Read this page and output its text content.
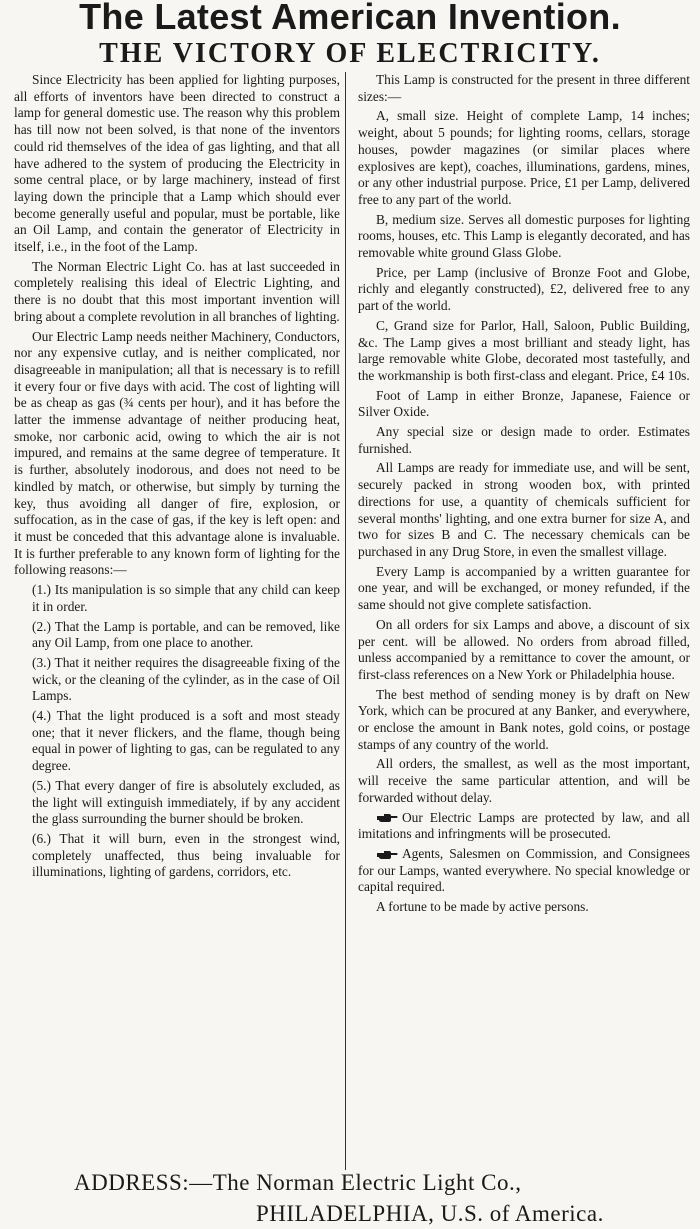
The Latest American Invention.
THE VICTORY OF ELECTRICITY.

Since Electricity has been applied for lighting purposes, all efforts of inventors have been directed to construct a lamp for general domestic use. The reason why this problem has till now not been solved, is that none of the inventors could rid themselves of the idea of gas lighting, and that all have adhered to the system of producing the Electricity in some central place, or by large machinery, instead of first laying down the principle that a Lamp which should ever become generally useful and popular, must be portable, like an Oil Lamp, and contain the generator of Electricity in itself, i.e., in the foot of the Lamp.

The Norman Electric Light Co. has at last succeeded in completely realising this ideal of Electric Lighting, and there is no doubt that this most important invention will bring about a complete revolution in all branches of lighting.

Our Electric Lamp needs neither Machinery, Conductors, nor any expensive cutlay, and is neither complicated, nor disagreeable in manipulation; all that is necessary is to refill it every four or five days with acid. The cost of lighting will be as cheap as gas (¾ cents per hour), and it has before the latter the immense advantage of neither producing heat, smoke, nor carbonic acid, owing to which the air is not impured, and remains at the same degree of temperature. It is further, absolutely inodorous, and does not need to be kindled by match, or otherwise, but simply by turning the key, thus avoiding all danger of fire, explosion, or suffocation, as in the case of gas, if the key is left open: and it must be conceded that this advantage alone is invaluable. It is further preferable to any known form of lighting for the following reasons:—

(1.) Its manipulation is so simple that any child can keep it in order.

(2.) That the Lamp is portable, and can be removed, like any Oil Lamp, from one place to another.

(3.) That it neither requires the disagreeable fixing of the wick, or the cleaning of the cylinder, as in the case of Oil Lamps.

(4.) That the light produced is a soft and most steady one; that it never flickers, and the flame, though being equal in power of lighting to gas, can be regulated to any degree.

(5.) That every danger of fire is absolutely excluded, as the light will extinguish immediately, if by any accident the glass surrounding the burner should be broken.

(6.) That it will burn, even in the strongest wind, completely unaffected, thus being invaluable for illuminations, lighting of gardens, corridors, etc.

This Lamp is constructed for the present in three different sizes:—

A, small size. Height of complete Lamp, 14 inches; weight, about 5 pounds; for lighting rooms, cellars, storage houses, powder magazines (or similar places where explosives are kept), coaches, illuminations, gardens, mines, or any other industrial purpose. Price, £1 per Lamp, delivered free to any part of the world.

B, medium size. Serves all domestic purposes for lighting rooms, houses, etc. This Lamp is elegantly decorated, and has removable white ground Glass Globe.

Price, per Lamp (inclusive of Bronze Foot and Globe, richly and elegantly constructed), £2, delivered free to any part of the world.

C, Grand size for Parlor, Hall, Saloon, Public Building, &c. The Lamp gives a most brilliant and steady light, has large removable white Globe, decorated most tastefully, and the workmanship is both first-class and elegant. Price, £4 10s.

Foot of Lamp in either Bronze, Japanese, Faience or Silver Oxide.

Any special size or design made to order. Estimates furnished.

All Lamps are ready for immediate use, and will be sent, securely packed in strong wooden box, with printed directions for use, a quantity of chemicals sufficient for several months' lighting, and one extra burner for size A, and two for sizes B and C. The necessary chemicals can be purchased in any Drug Store, in even the smallest village.

Every Lamp is accompanied by a written guarantee for one year, and will be exchanged, or money refunded, if the same should not give complete satisfaction.

On all orders for six Lamps and above, a discount of six per cent. will be allowed. No orders from abroad filled, unless accompanied by a remittance to cover the amount, or first-class references on a New York or Philadelphia house.

The best method of sending money is by draft on New York, which can be procured at any Banker, and everywhere, or enclose the amount in Bank notes, gold coins, or postage stamps of any country of the world.

All orders, the smallest, as well as the most important, will receive the same particular attention, and will be forwarded without delay.

Our Electric Lamps are protected by law, and all imitations and infringments will be prosecuted.

Agents, Salesmen on Commission, and Consignees for our Lamps, wanted everywhere. No special knowledge or capital required.

A fortune to be made by active persons.

ADDRESS:—The Norman Electric Light Co.,
PHILADELPHIA, U.S. of America.
